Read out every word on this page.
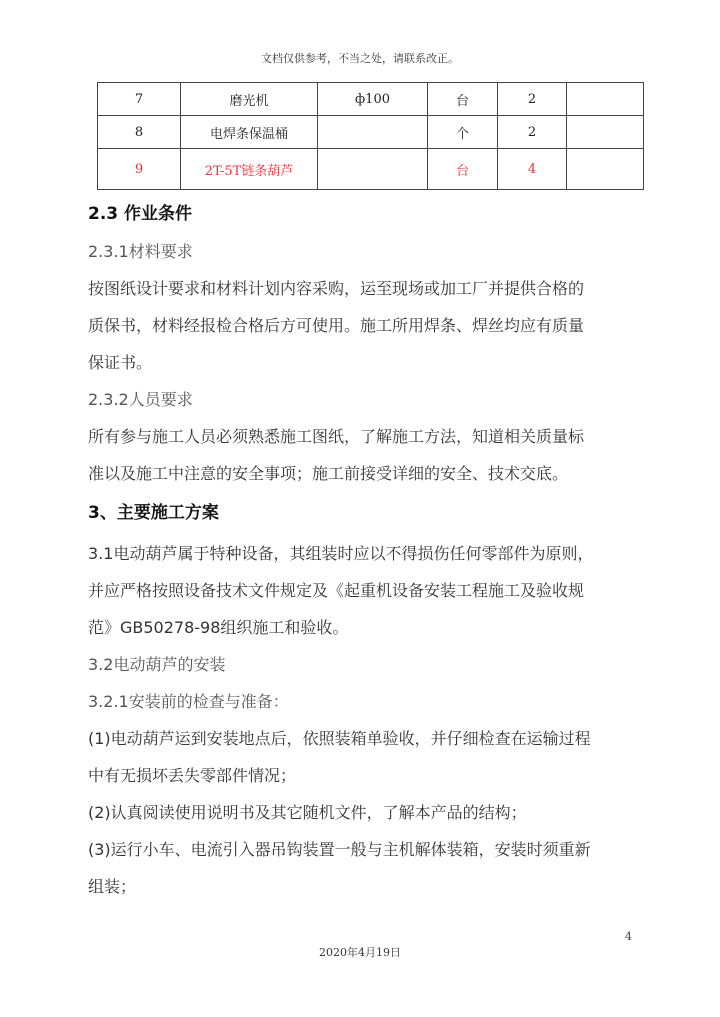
文档仅供参考，不当之处，请联系改正。
7	磨光机	ф100	台	2	
8	电焊条保温桶		个	2	
9	2T-5T链条葫芦		台	4	
2.3 作业条件
2.3.1材料要求

按图纸设计要求和材料计划内容采购，运至现场或加工厂并提供合格的

质保书，材料经报检合格后方可使用。施工所用焊条、焊丝均应有质量

保证书。

2.3.2人员要求

所有参与施工人员必须熟悉施工图纸，了解施工方法，知道相关质量标

准以及施工中注意的安全事项；施工前接受详细的安全、技术交底。

3、主要施工方案

3.1电动葫芦属于特种设备，其组装时应以不得损伤任何零部件为原则，

并应严格按照设备技术文件规定及《起重机设备安装工程施工及验收规

范》GB50278-98组织施工和验收。

3.2电动葫芦的安装
3.2.1安装前的检查与准备：

(1)电动葫芦运到安装地点后，依照装箱单验收，并仔细检查在运输过程

中有无损坏丢失零部件情况；

(2)认真阅读使用说明书及其它随机文件，了解本产品的结构；

(3)运行小车、电流引入器吊钩装置一般与主机解体装箱，安装时须重新

组装；

4
2020年4月19日
